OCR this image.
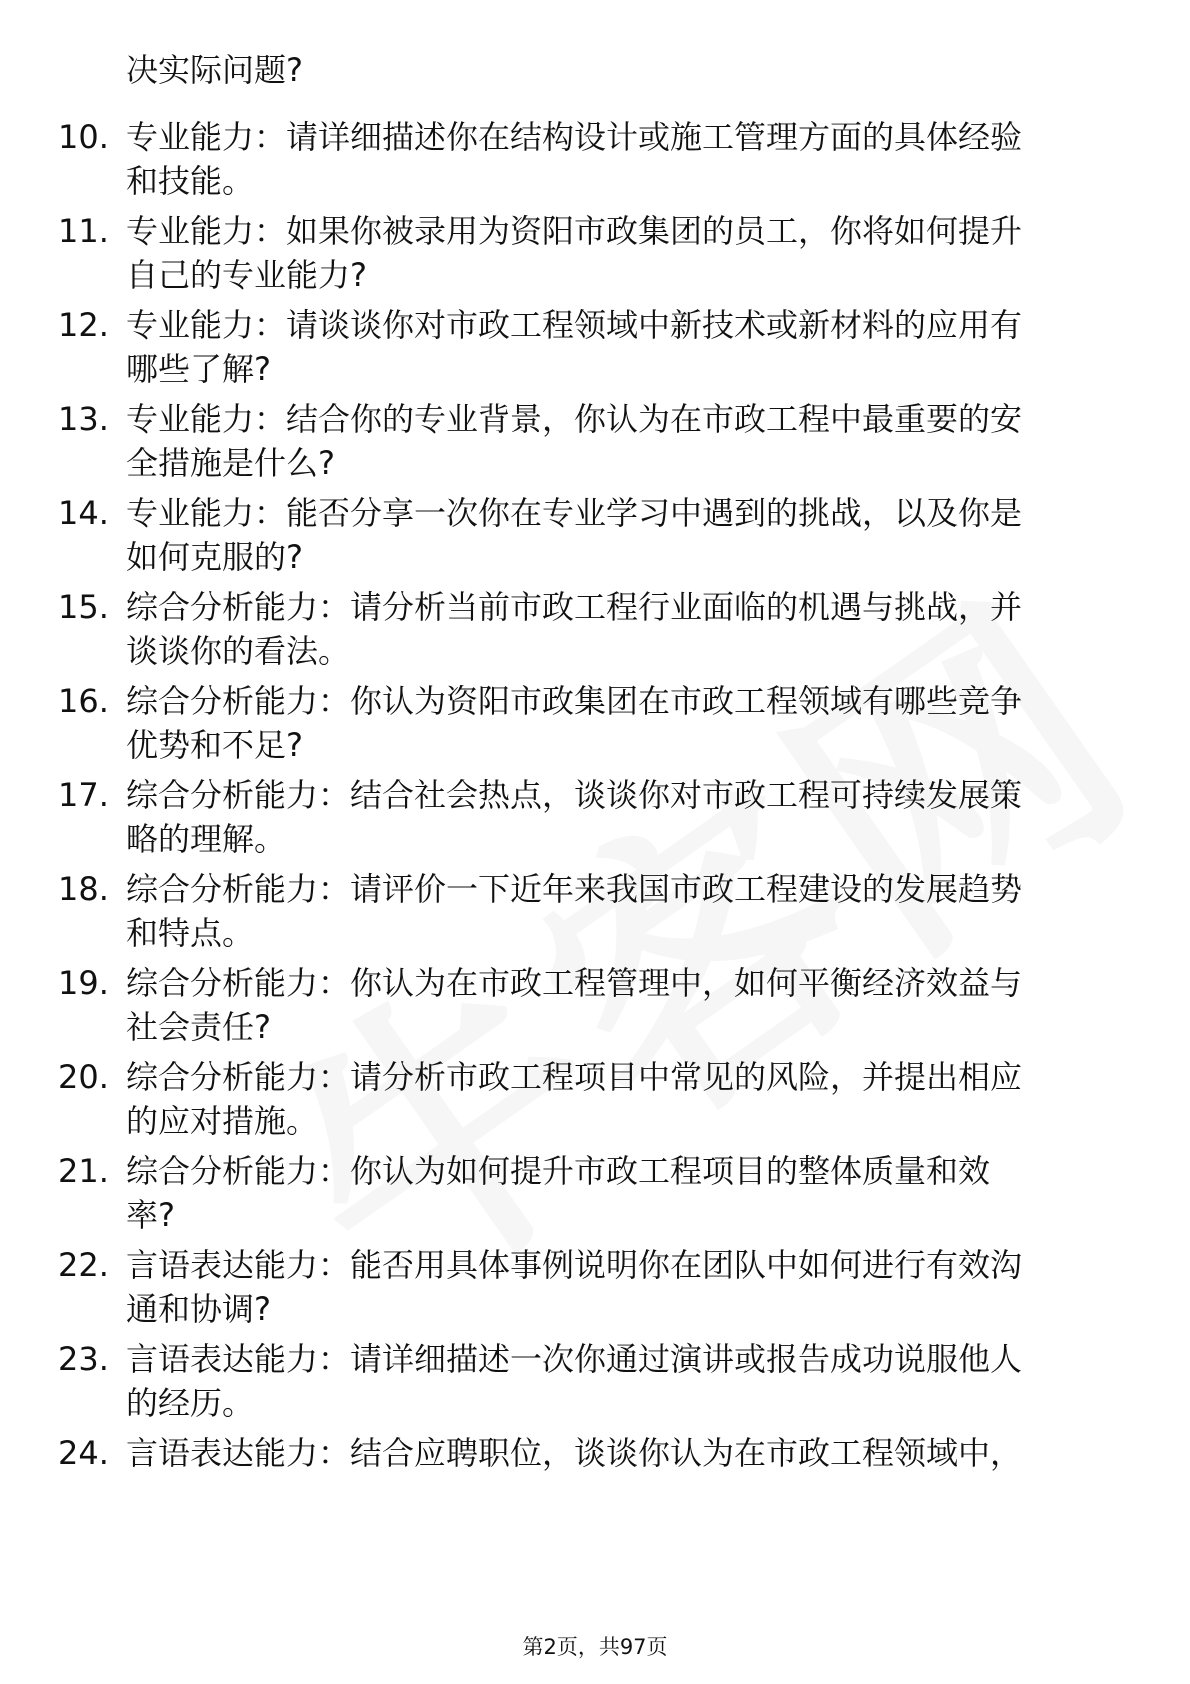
决实际问题?
10. 专业能力：请详细描述你在结构设计或施工管理方面的具体经验
和技能。
11. 专业能力：如果你被录用为资阳市政集团的员工，你将如何提升
自己的专业能力?
12. 专业能力：请谈谈你对市政工程领域中新技术或新材料的应用有
哪些了解?
13. 专业能力：结合你的专业背景，你认为在市政工程中最重要的安
全措施是什么?
14. 专业能力：能否分享一次你在专业学习中遇到的挑战，以及你是
如何克服的?
15. 综合分析能力：请分析当前市政工程行业面临的机遇与挑战，并
谈谈你的看法。
16. 综合分析能力：你认为资阳市政集团在市政工程领域有哪些竞争
优势和不足?
17. 综合分析能力：结合社会热点，谈谈你对市政工程可持续发展策
略的理解。
18. 综合分析能力：请评价一下近年来我国市政工程建设的发展趋势
和特点。
19. 综合分析能力：你认为在市政工程管理中，如何平衡经济效益与
社会责任?
20. 综合分析能力：请分析市政工程项目中常见的风险，并提出相应
的应对措施。
21. 综合分析能力：你认为如何提升市政工程项目的整体质量和效
率?
22. 言语表达能力：能否用具体事例说明你在团队中如何进行有效沟
通和协调?
23. 言语表达能力：请详细描述一次你通过演讲或报告成功说服他人
的经历。
24. 言语表达能力：结合应聘职位，谈谈你认为在市政工程领域中，
第2页，共97页
